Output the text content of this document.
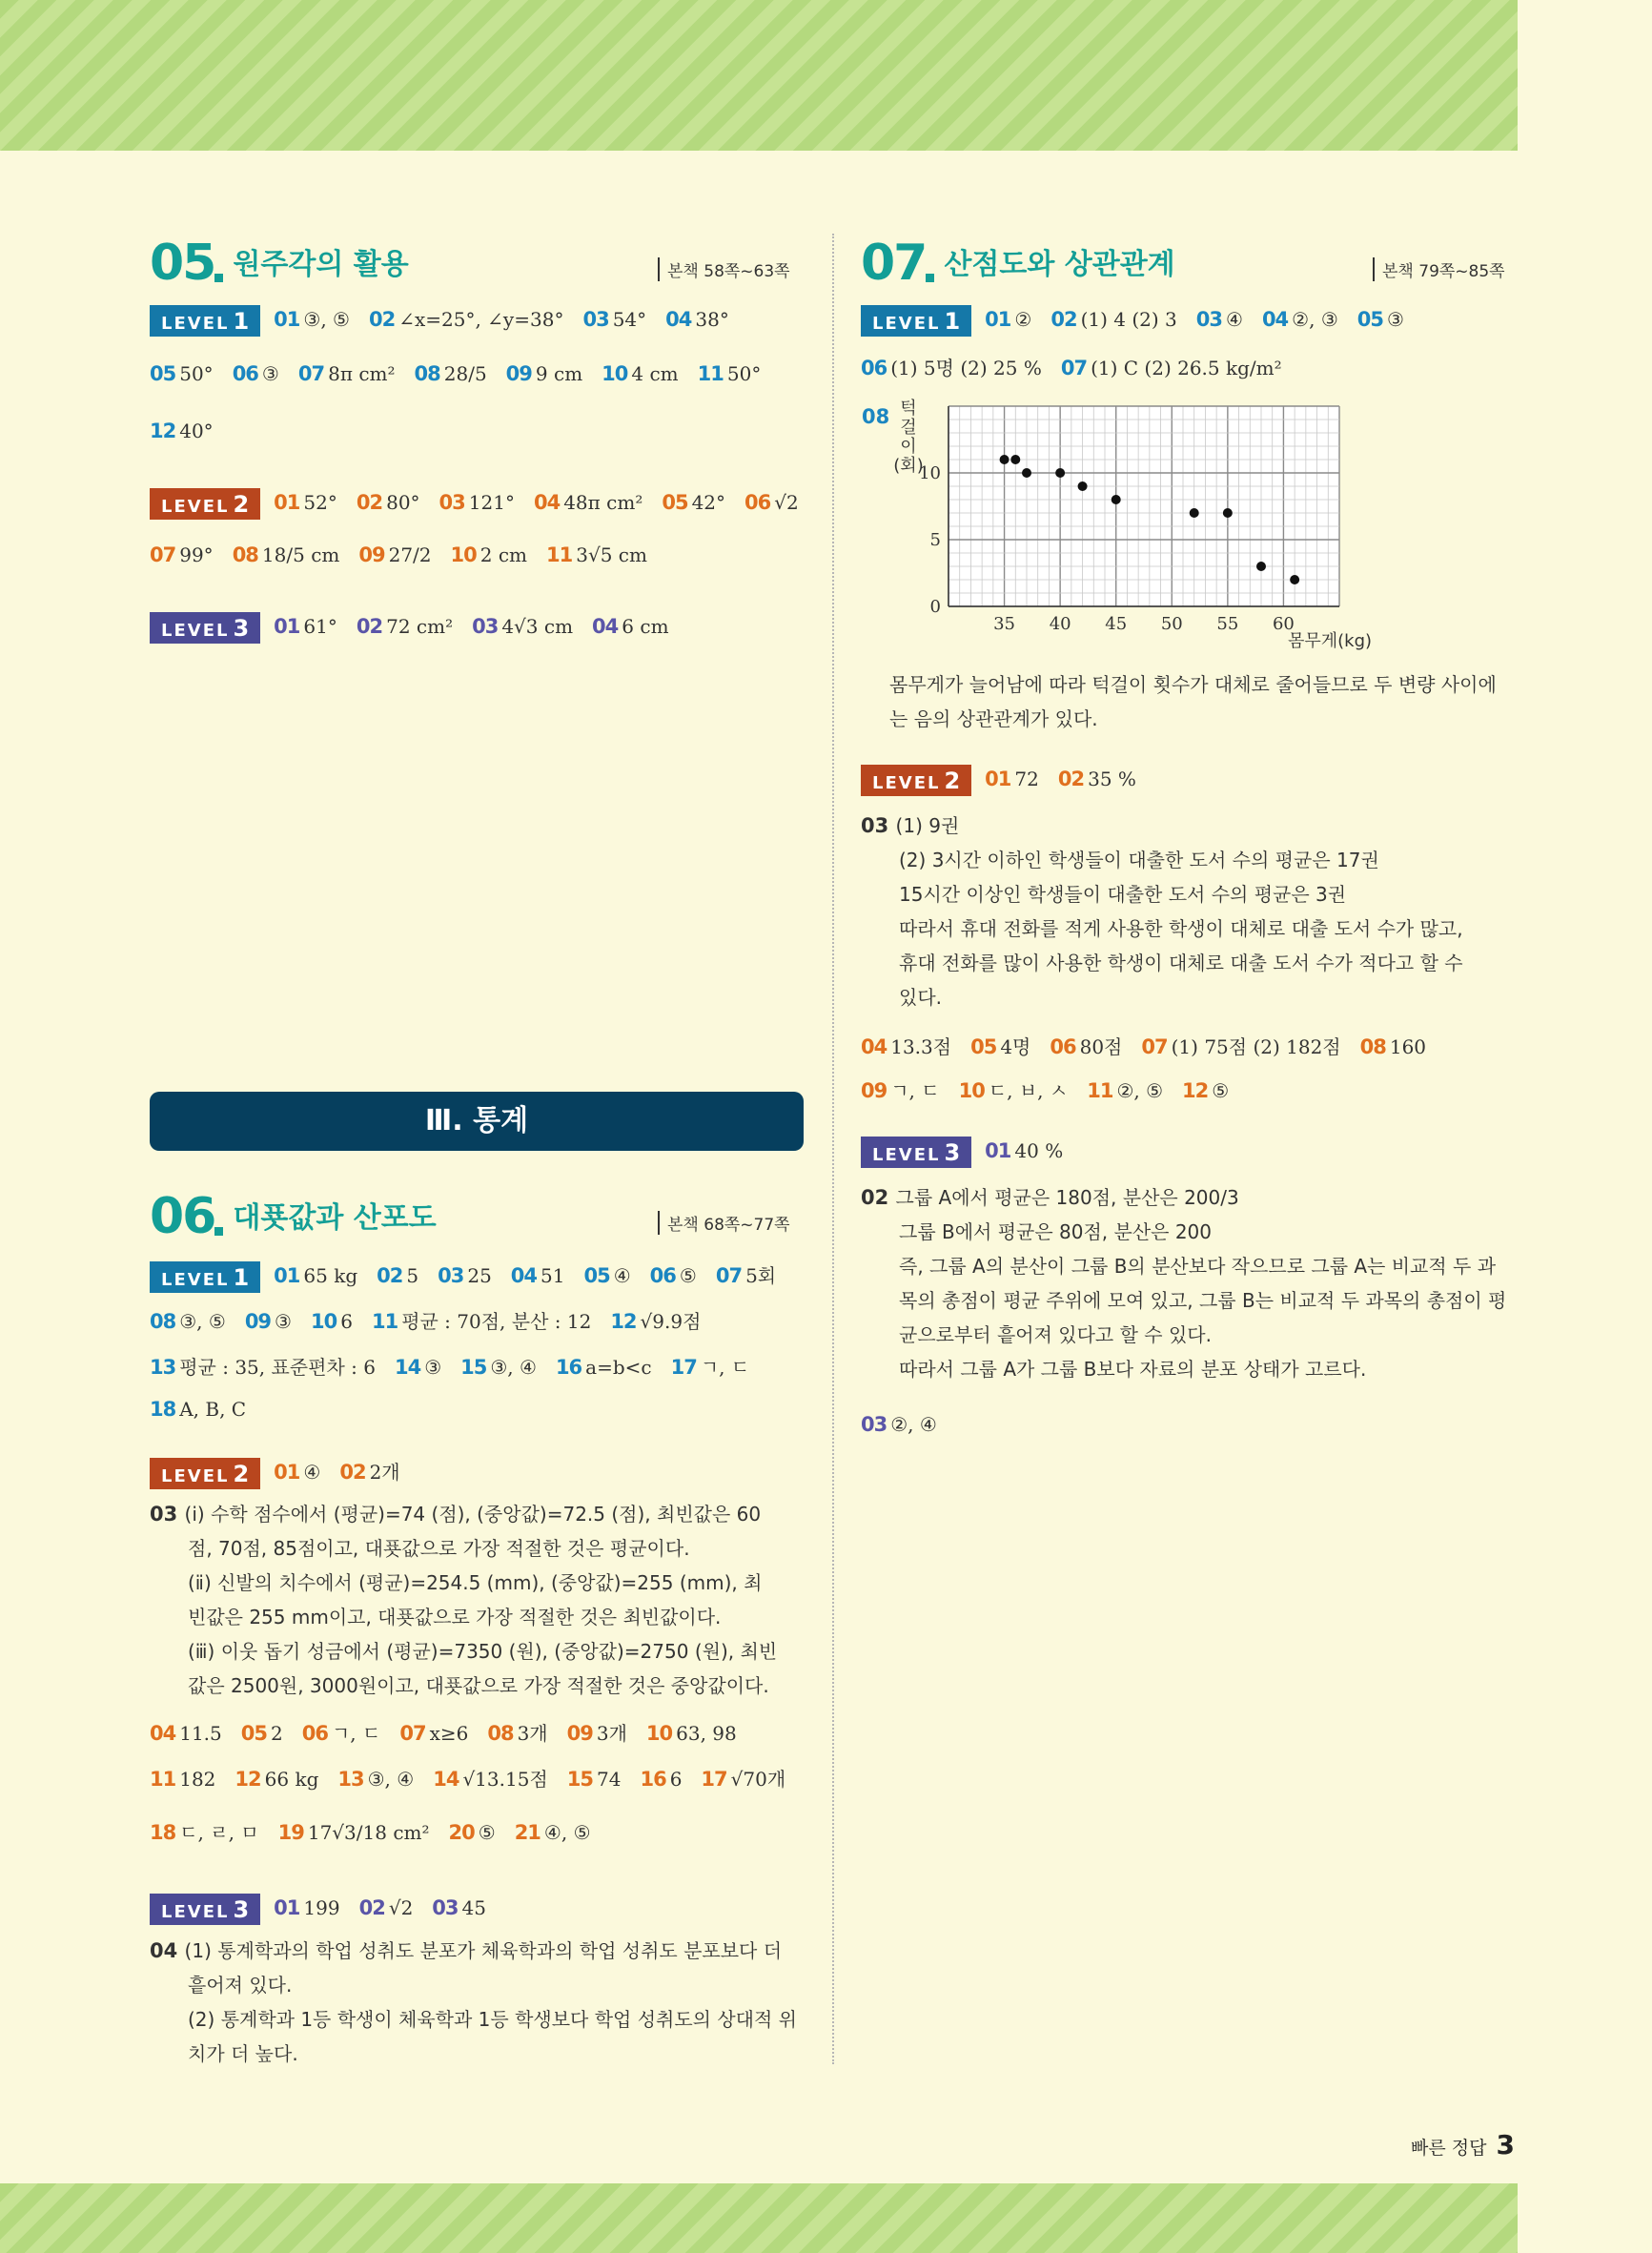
05 원주각의 활용	본책 58쪽~63쪽
LEVEL 1 01 ③, ⑤ 02 ∠x=25°, ∠y=38° 03 54° 04 38°
05 50° 06 ③ 07 8π cm² 08 28/5 09 9 cm 10 4 cm 11 50°
12 40°
LEVEL 2 01 52° 02 80° 03 121° 04 48π cm² 05 42° 06 √2
07 99° 08 18/5 cm 09 27/2 10 2 cm 11 3√5 cm
LEVEL 3 01 61° 02 72 cm² 03 4√3 cm 04 6 cm
Ⅲ. 통계
06 대푯값과 산포도	본책 68쪽~77쪽
LEVEL 1 01 65 kg 02 5 03 25 04 51 05 ④ 06 ⑤ 07 5회
08 ③, ⑤ 09 ③ 10 6 11 평균 : 70점, 분산 : 12 12 √9.9점
13 평균 : 35, 표준편차 : 6 14 ③ 15 ③, ④ 16 a=b<c 17 ㄱ, ㄷ
18 A, B, C
LEVEL 2 01 ④ 02 2개
03 (ⅰ) 수학 점수에서 (평균)=74 (점), (중앙값)=72.5 (점), 최빈값은 60
점, 70점, 85점이고, 대푯값으로 가장 적절한 것은 평균이다.
(ⅱ) 신발의 치수에서 (평균)=254.5 (mm), (중앙값)=255 (mm), 최
빈값은 255 mm이고, 대푯값으로 가장 적절한 것은 최빈값이다.
(ⅲ) 이웃 돕기 성금에서 (평균)=7350 (원), (중앙값)=2750 (원), 최빈
값은 2500원, 3000원이고, 대푯값으로 가장 적절한 것은 중앙값이다.
04 11.5 05 2 06 ㄱ, ㄷ 07 x≥6 08 3개 09 3개 10 63, 98
11 182 12 66 kg 13 ③, ④ 14 √13.15점 15 74 16 6 17 √70개
18 ㄷ, ㄹ, ㅁ 19 17√3/18 cm² 20 ⑤ 21 ④, ⑤
LEVEL 3 01 199 02 √2 03 45
04 (1) 통계학과의 학업 성취도 분포가 체육학과의 학업 성취도 분포보다 더
흩어져 있다.
(2) 통계학과 1등 학생이 체육학과 1등 학생보다 학업 성취도의 상대적 위
치가 더 높다.
07 산점도와 상관관계	본책 79쪽~85쪽
LEVEL 1 01 ② 02 (1) 4 (2) 3 03 ④ 04 ②, ③ 05 ③
06 (1) 5명 (2) 25 % 07 (1) C (2) 26.5 kg/m²
몸무게가 늘어남에 따라 턱걸이 횟수가 대체로 줄어들므로 두 변량 사이에
는 음의 상관관계가 있다.
LEVEL 2 01 72 02 35 %
03 (1) 9권
(2) 3시간 이하인 학생들이 대출한 도서 수의 평균은 17권
15시간 이상인 학생들이 대출한 도서 수의 평균은 3권
따라서 휴대 전화를 적게 사용한 학생이 대체로 대출 도서 수가 많고,
휴대 전화를 많이 사용한 학생이 대체로 대출 도서 수가 적다고 할 수
있다.
04 13.3점 05 4명 06 80점 07 (1) 75점 (2) 182점 08 160
09 ㄱ, ㄷ 10 ㄷ, ㅂ, ㅅ 11 ②, ⑤ 12 ⑤
LEVEL 3 01 40 %
02 그룹 A에서 평균은 180점, 분산은 200/3
그룹 B에서 평균은 80점, 분산은 200
즉, 그룹 A의 분산이 그룹 B의 분산보다 작으므로 그룹 A는 비교적 두 과
목의 총점이 평균 주위에 모여 있고, 그룹 B는 비교적 두 과목의 총점이 평
균으로부터 흩어져 있다고 할 수 있다.
따라서 그룹 A가 그룹 B보다 자료의 분포 상태가 고르다.
03 ②, ④
35 40 45 50 55 60
0
5
10
몸무게(kg)
턱
걸
이
(회)
08
빠른 정답 3
